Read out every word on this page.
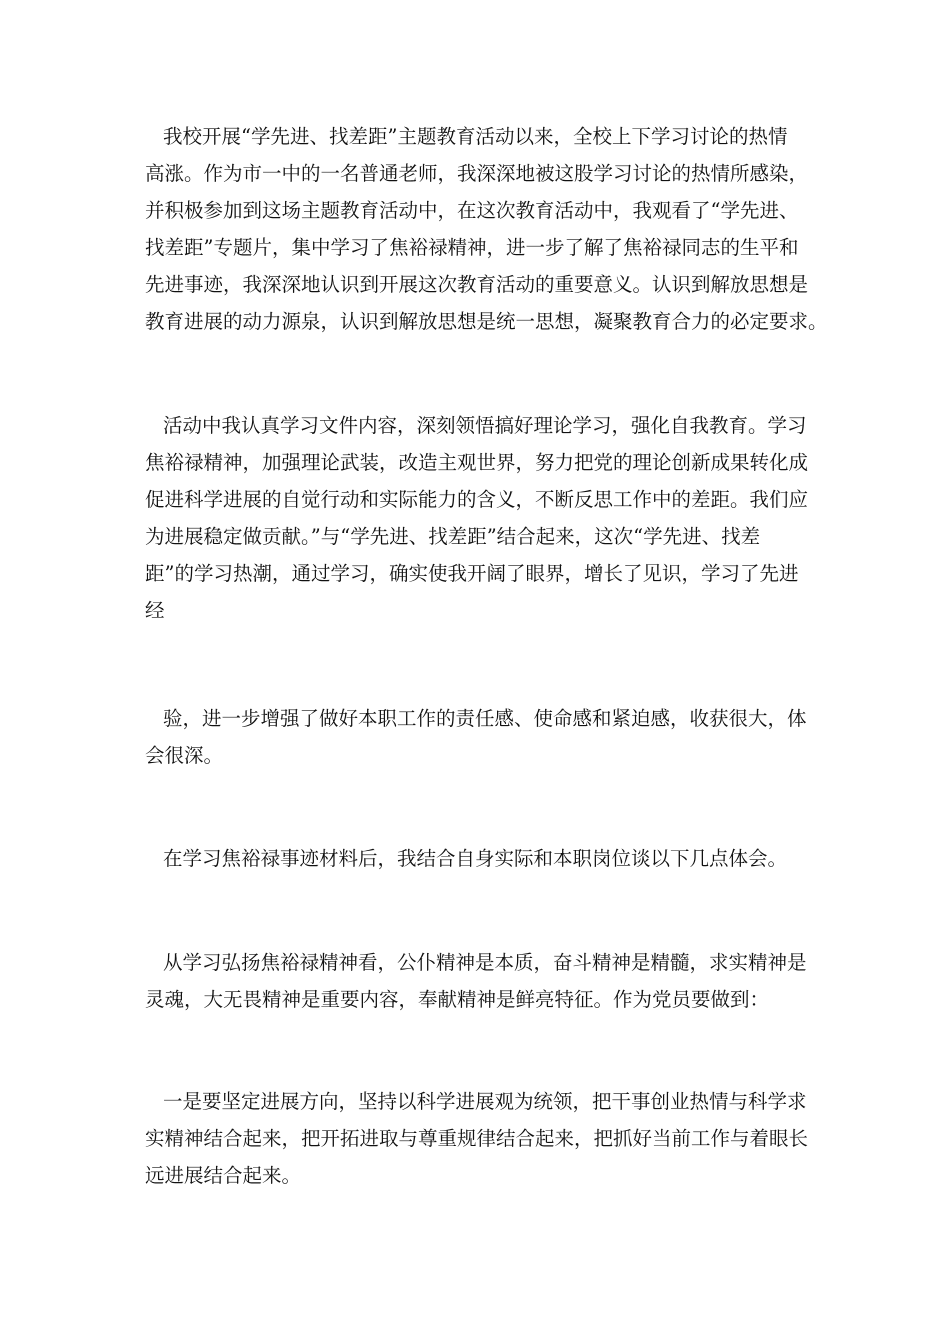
我校开展“学先进、找差距”主题教育活动以来，全校上下学习讨论的热情
高涨。作为市一中的一名普通老师，我深深地被这股学习讨论的热情所感染，
并积极参加到这场主题教育活动中，在这次教育活动中，我观看了“学先进、
找差距”专题片，集中学习了焦裕禄精神，进一步了解了焦裕禄同志的生平和
先进事迹，我深深地认识到开展这次教育活动的重要意义。认识到解放思想是
教育进展的动力源泉，认识到解放思想是统一思想，凝聚教育合力的必定要求。
活动中我认真学习文件内容，深刻领悟搞好理论学习，强化自我教育。学习
焦裕禄精神，加强理论武装，改造主观世界，努力把党的理论创新成果转化成
促进科学进展的自觉行动和实际能力的含义，不断反思工作中的差距。我们应
为进展稳定做贡献。”与“学先进、找差距”结合起来，这次“学先进、找差
距”的学习热潮，通过学习，确实使我开阔了眼界，增长了见识，学习了先进
经
验，进一步增强了做好本职工作的责任感、使命感和紧迫感，收获很大，体
会很深。
在学习焦裕禄事迹材料后，我结合自身实际和本职岗位谈以下几点体会。
从学习弘扬焦裕禄精神看，公仆精神是本质，奋斗精神是精髓，求实精神是
灵魂，大无畏精神是重要内容，奉献精神是鲜亮特征。作为党员要做到：
一是要坚定进展方向，坚持以科学进展观为统领，把干事创业热情与科学求
实精神结合起来，把开拓进取与尊重规律结合起来，把抓好当前工作与着眼长
远进展结合起来。
